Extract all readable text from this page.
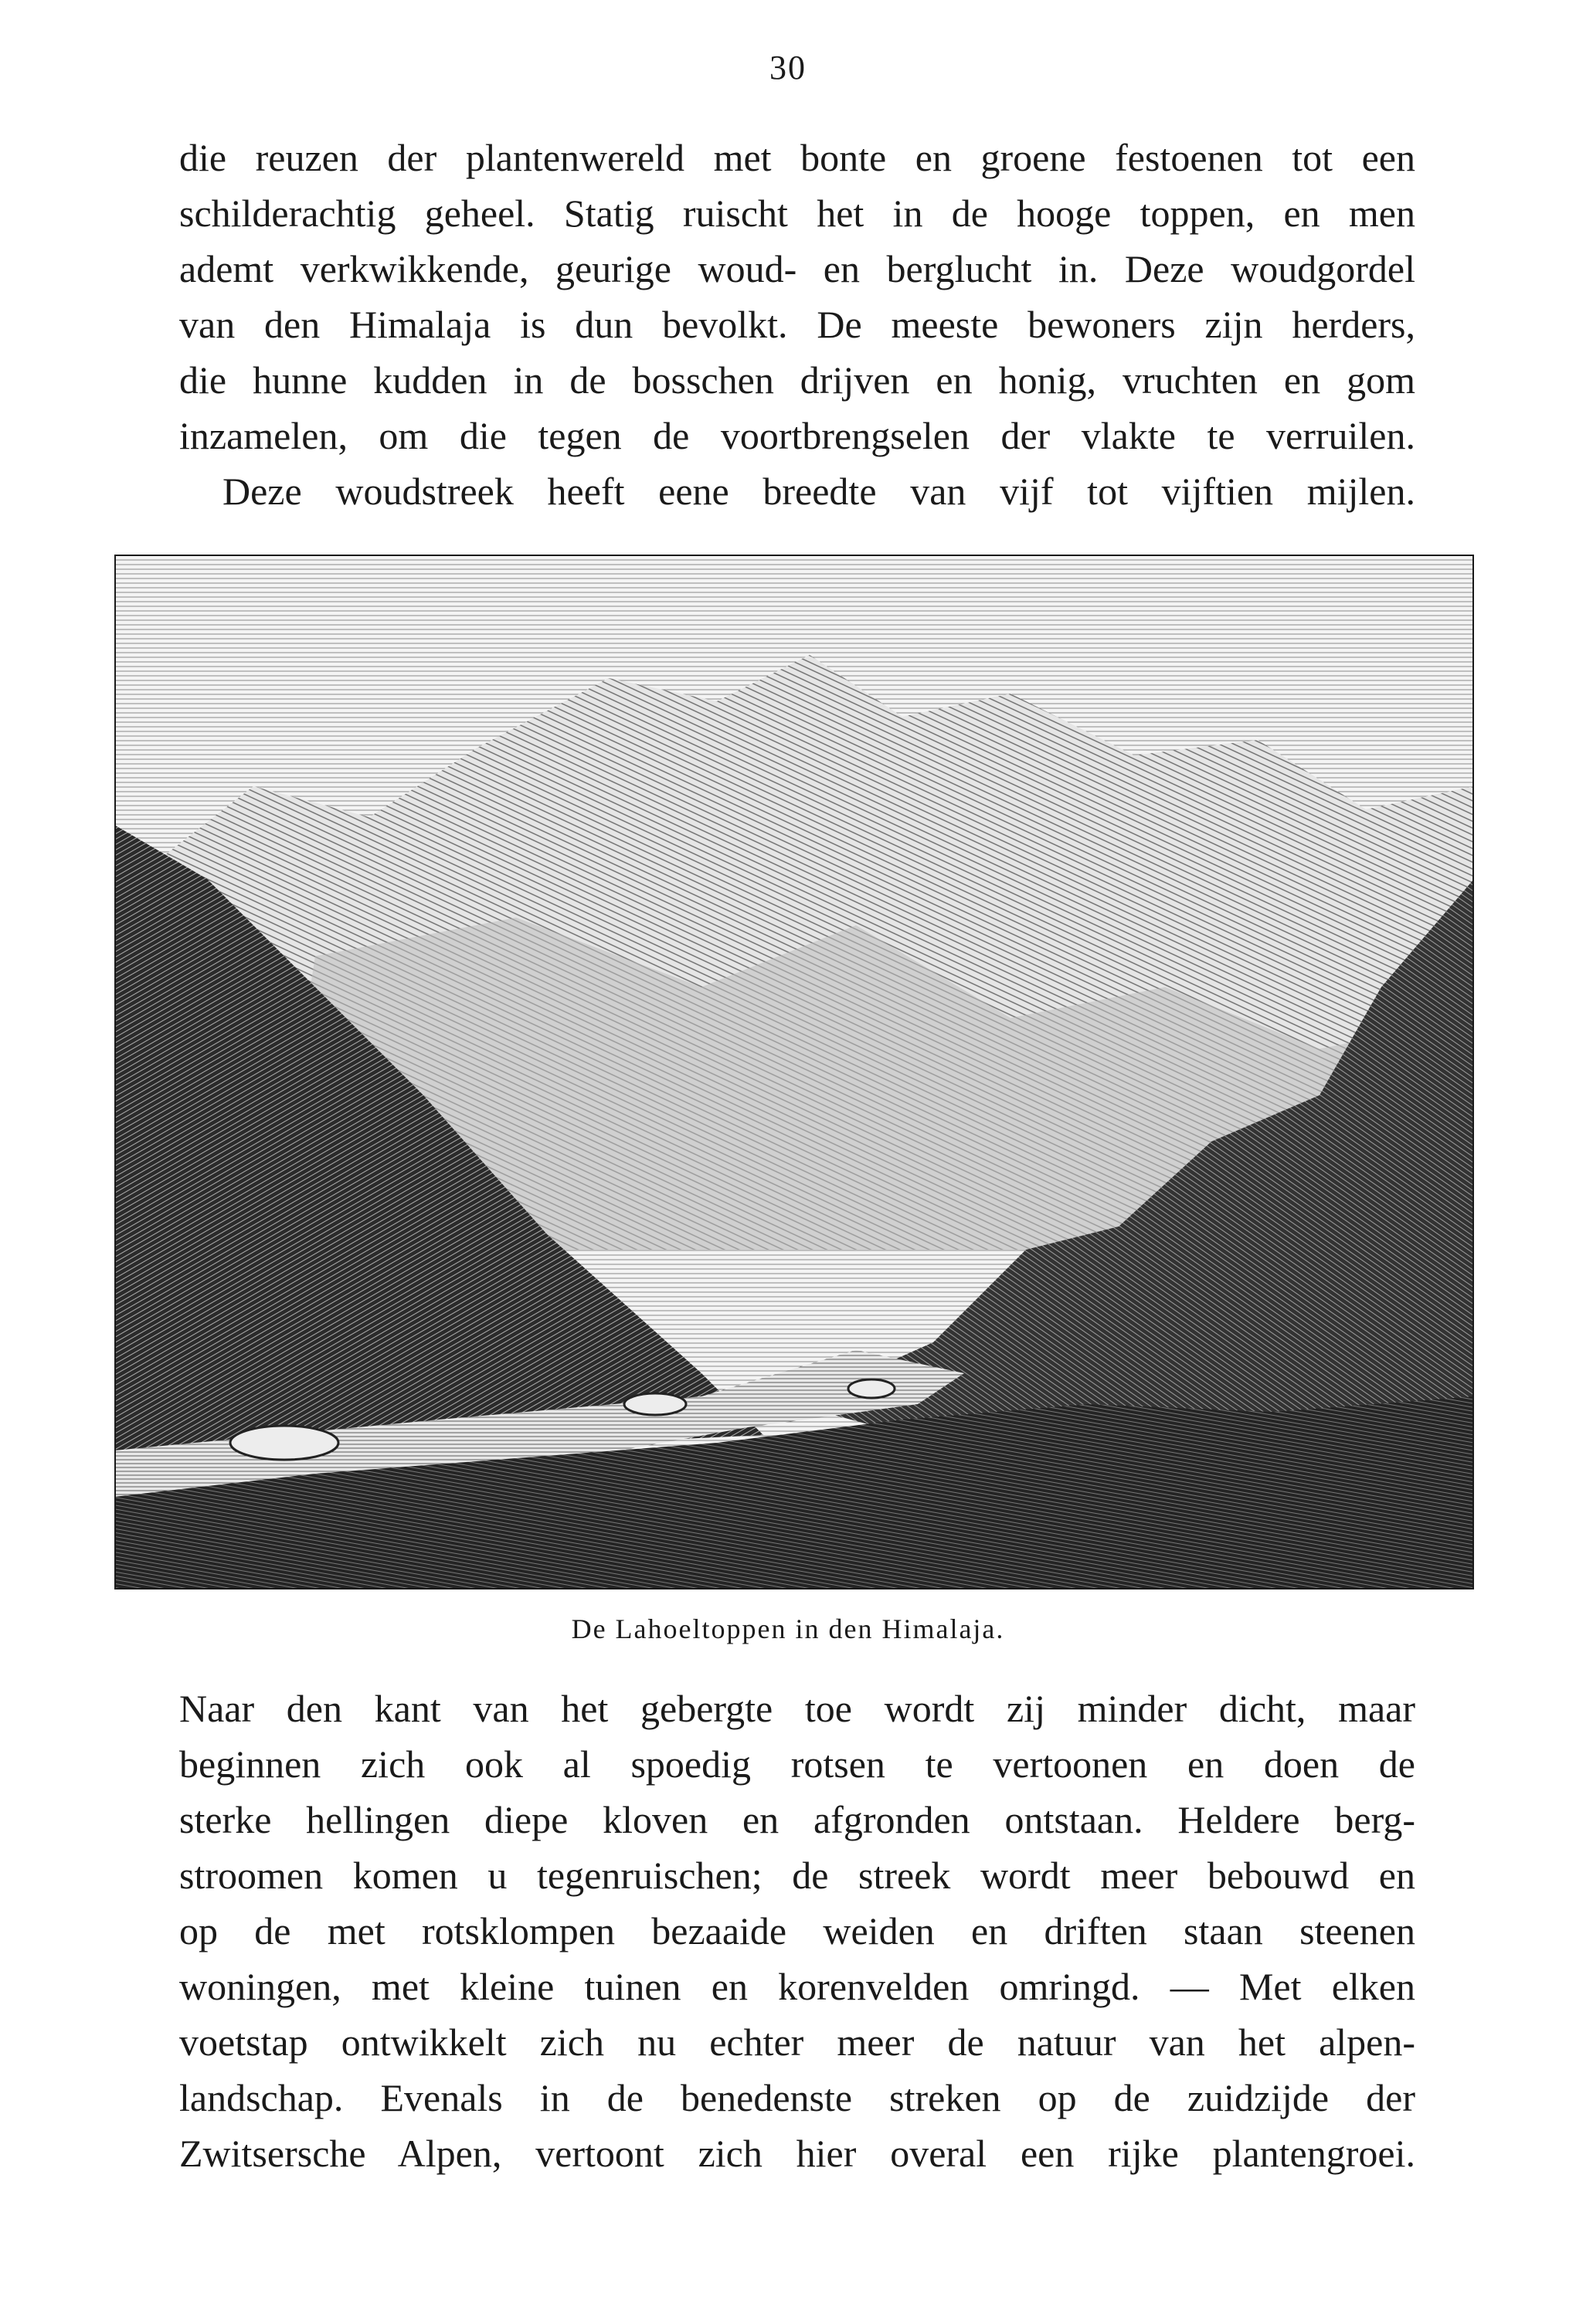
30
die reuzen der plantenwereld met bonte en groene festoenen tot een
schilderachtig geheel. Statig ruischt het in de hooge toppen, en men
ademt verkwikkende, geurige woud- en berglucht in. Deze woudgordel
van den Himalaja is dun bevolkt. De meeste bewoners zijn herders,
die hunne kudden in de bosschen drijven en honig, vruchten en gom
inzamelen, om die tegen de voortbrengselen der vlakte te verruilen.
Deze woudstreek heeft eene breedte van vijf tot vijftien mijlen.
De Lahoeltoppen in den Himalaja.
Naar den kant van het gebergte toe wordt zij minder dicht, maar
beginnen zich ook al spoedig rotsen te vertoonen en doen de
sterke hellingen diepe kloven en afgronden ontstaan. Heldere berg-
stroomen komen u tegenruischen; de streek wordt meer bebouwd en
op de met rotsklompen bezaaide weiden en driften staan steenen
woningen, met kleine tuinen en korenvelden omringd. — Met elken
voetstap ontwikkelt zich nu echter meer de natuur van het alpen-
landschap. Evenals in de benedenste streken op de zuidzijde der
Zwitsersche Alpen, vertoont zich hier overal een rijke plantengroei.
